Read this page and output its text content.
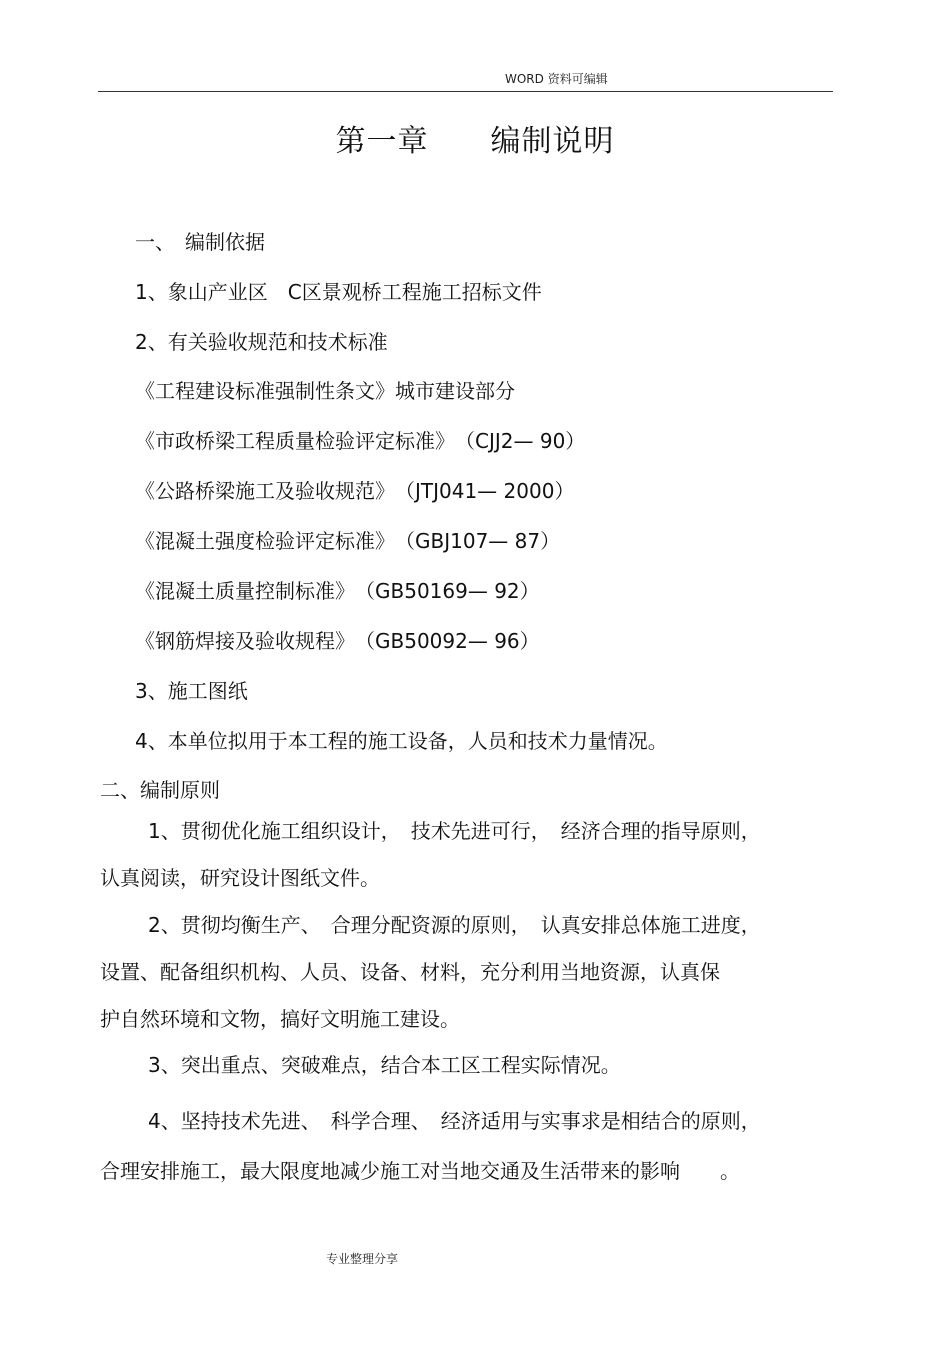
WORD 资料可编辑
第一章　　编制说明
一、　编制依据
1、象山产业区　C区景观桥工程施工招标文件
2、有关验收规范和技术标准
《工程建设标准强制性条文》城市建设部分
《市政桥梁工程质量检验评定标准》　（CJJ2— 90）
《公路桥梁施工及验收规范》　（JTJ041— 2000）
《混凝土强度检验评定标准》　（GBJ107— 87）
《混凝土质量控制标准》　（GB50169— 92）
《钢筋焊接及验收规程》　（GB50092— 96）
3、施工图纸
4、本单位拟用于本工程的施工设备，人员和技术力量情况。
二、编制原则
1、贯彻优化施工组织设计，　技术先进可行，　经济合理的指导原则，
认真阅读，研究设计图纸文件。
2、贯彻均衡生产、　合理分配资源的原则，　认真安排总体施工进度，
设置、配备组织机构、人员、设备、材料，充分利用当地资源，认真保
护自然环境和文物，搞好文明施工建设。
3、突出重点、突破难点，结合本工区工程实际情况。
4、坚持技术先进、　科学合理、　经济适用与实事求是相结合的原则，
合理安排施工，最大限度地减少施工对当地交通及生活带来的影响　　。
专业整理分享
